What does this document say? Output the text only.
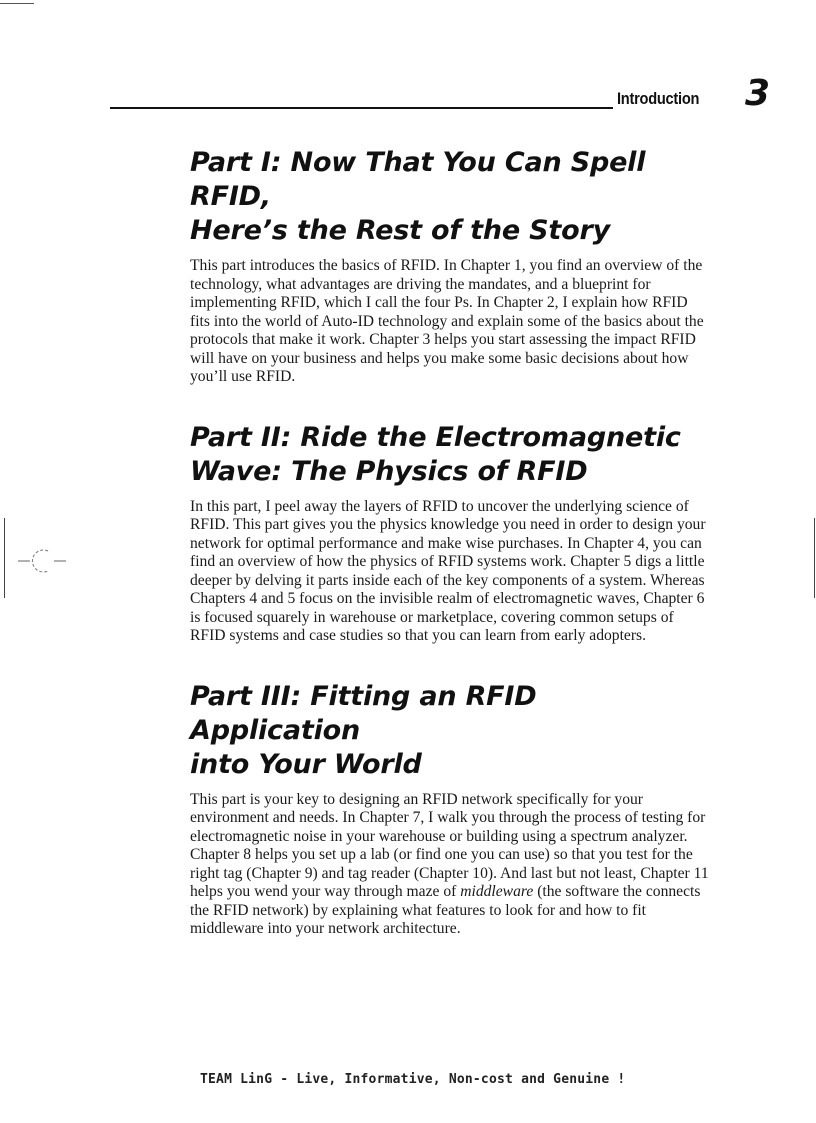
Introduction 3
Part I: Now That You Can Spell RFID,
Here’s the Rest of the Story

This part introduces the basics of RFID. In Chapter 1, you find an overview of the technology, what advantages are driving the mandates, and a blueprint for implementing RFID, which I call the four Ps. In Chapter 2, I explain how RFID fits into the world of Auto-ID technology and explain some of the basics about the protocols that make it work. Chapter 3 helps you start assessing the impact RFID will have on your business and helps you make some basic decisions about how you’ll use RFID.

Part II: Ride the Electromagnetic
Wave: The Physics of RFID

In this part, I peel away the layers of RFID to uncover the underlying science of RFID. This part gives you the physics knowledge you need in order to design your network for optimal performance and make wise purchases. In Chapter 4, you can find an overview of how the physics of RFID systems work. Chapter 5 digs a little deeper by delving it parts inside each of the key components of a system. Whereas Chapters 4 and 5 focus on the invisible realm of electromagnetic waves, Chapter 6 is focused squarely in warehouse or marketplace, covering common setups of RFID systems and case studies so that you can learn from early adopters.

Part III: Fitting an RFID Application
into Your World

This part is your key to designing an RFID network specifically for your environment and needs. In Chapter 7, I walk you through the process of testing for electromagnetic noise in your warehouse or building using a spectrum analyzer. Chapter 8 helps you set up a lab (or find one you can use) so that you test for the right tag (Chapter 9) and tag reader (Chapter 10). And last but not least, Chapter 11 helps you wend your way through maze of middleware (the software the connects the RFID network) by explaining what features to look for and how to fit middleware into your network architecture.

TEAM LinG - Live, Informative, Non-cost and Genuine !
